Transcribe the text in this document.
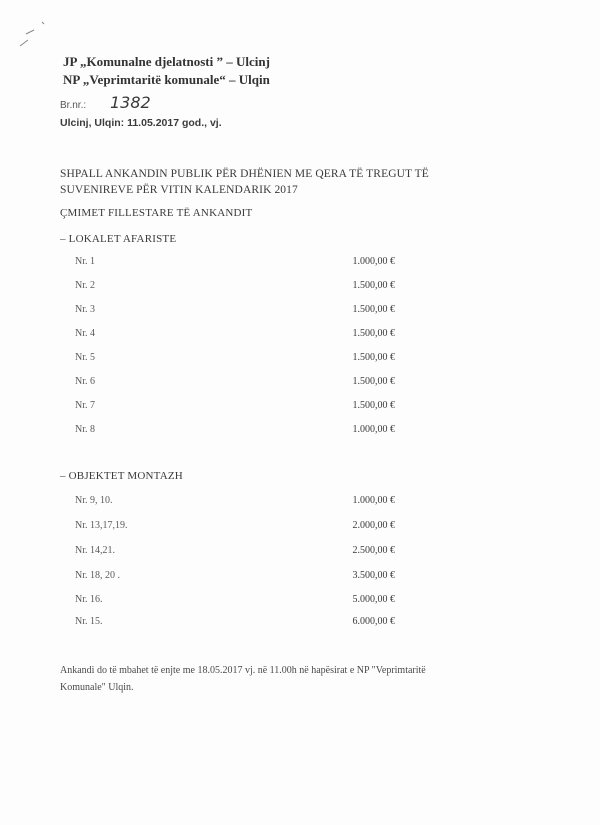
JP „Komunalne djelatnosti ” – Ulcinj
NP „Veprimtaritë komunale“ – Ulqin
Br.nr.: 1382
Ulcinj, Ulqin: 11.05.2017 god., vj.
SHPALL ANKANDIN PUBLIK PËR DHËNIEN ME QERA TË TREGUT TË
SUVENIREVE PËR VITIN KALENDARIK 2017
ÇMIMET FILLESTARE TË ANKANDIT
– LOKALET AFARISTE
Nr. 1	1.000,00 €
Nr. 2	1.500,00 €
Nr. 3	1.500,00 €
Nr. 4	1.500,00 €
Nr. 5	1.500,00 €
Nr. 6	1.500,00 €
Nr. 7	1.500,00 €
Nr. 8	1.000,00 €
– OBJEKTET MONTAZH
Nr. 9, 10.	1.000,00 €
Nr. 13,17,19.	2.000,00 €
Nr. 14,21.	2.500,00 €
Nr. 18, 20 .	3.500,00 €
Nr. 16.	5.000,00 €
Nr. 15.	6.000,00 €
Ankandi do të mbahet të enjte me 18.05.2017 vj. në 11.00h në hapësirat e NP "Veprimtaritë
Komunale" Ulqin.
